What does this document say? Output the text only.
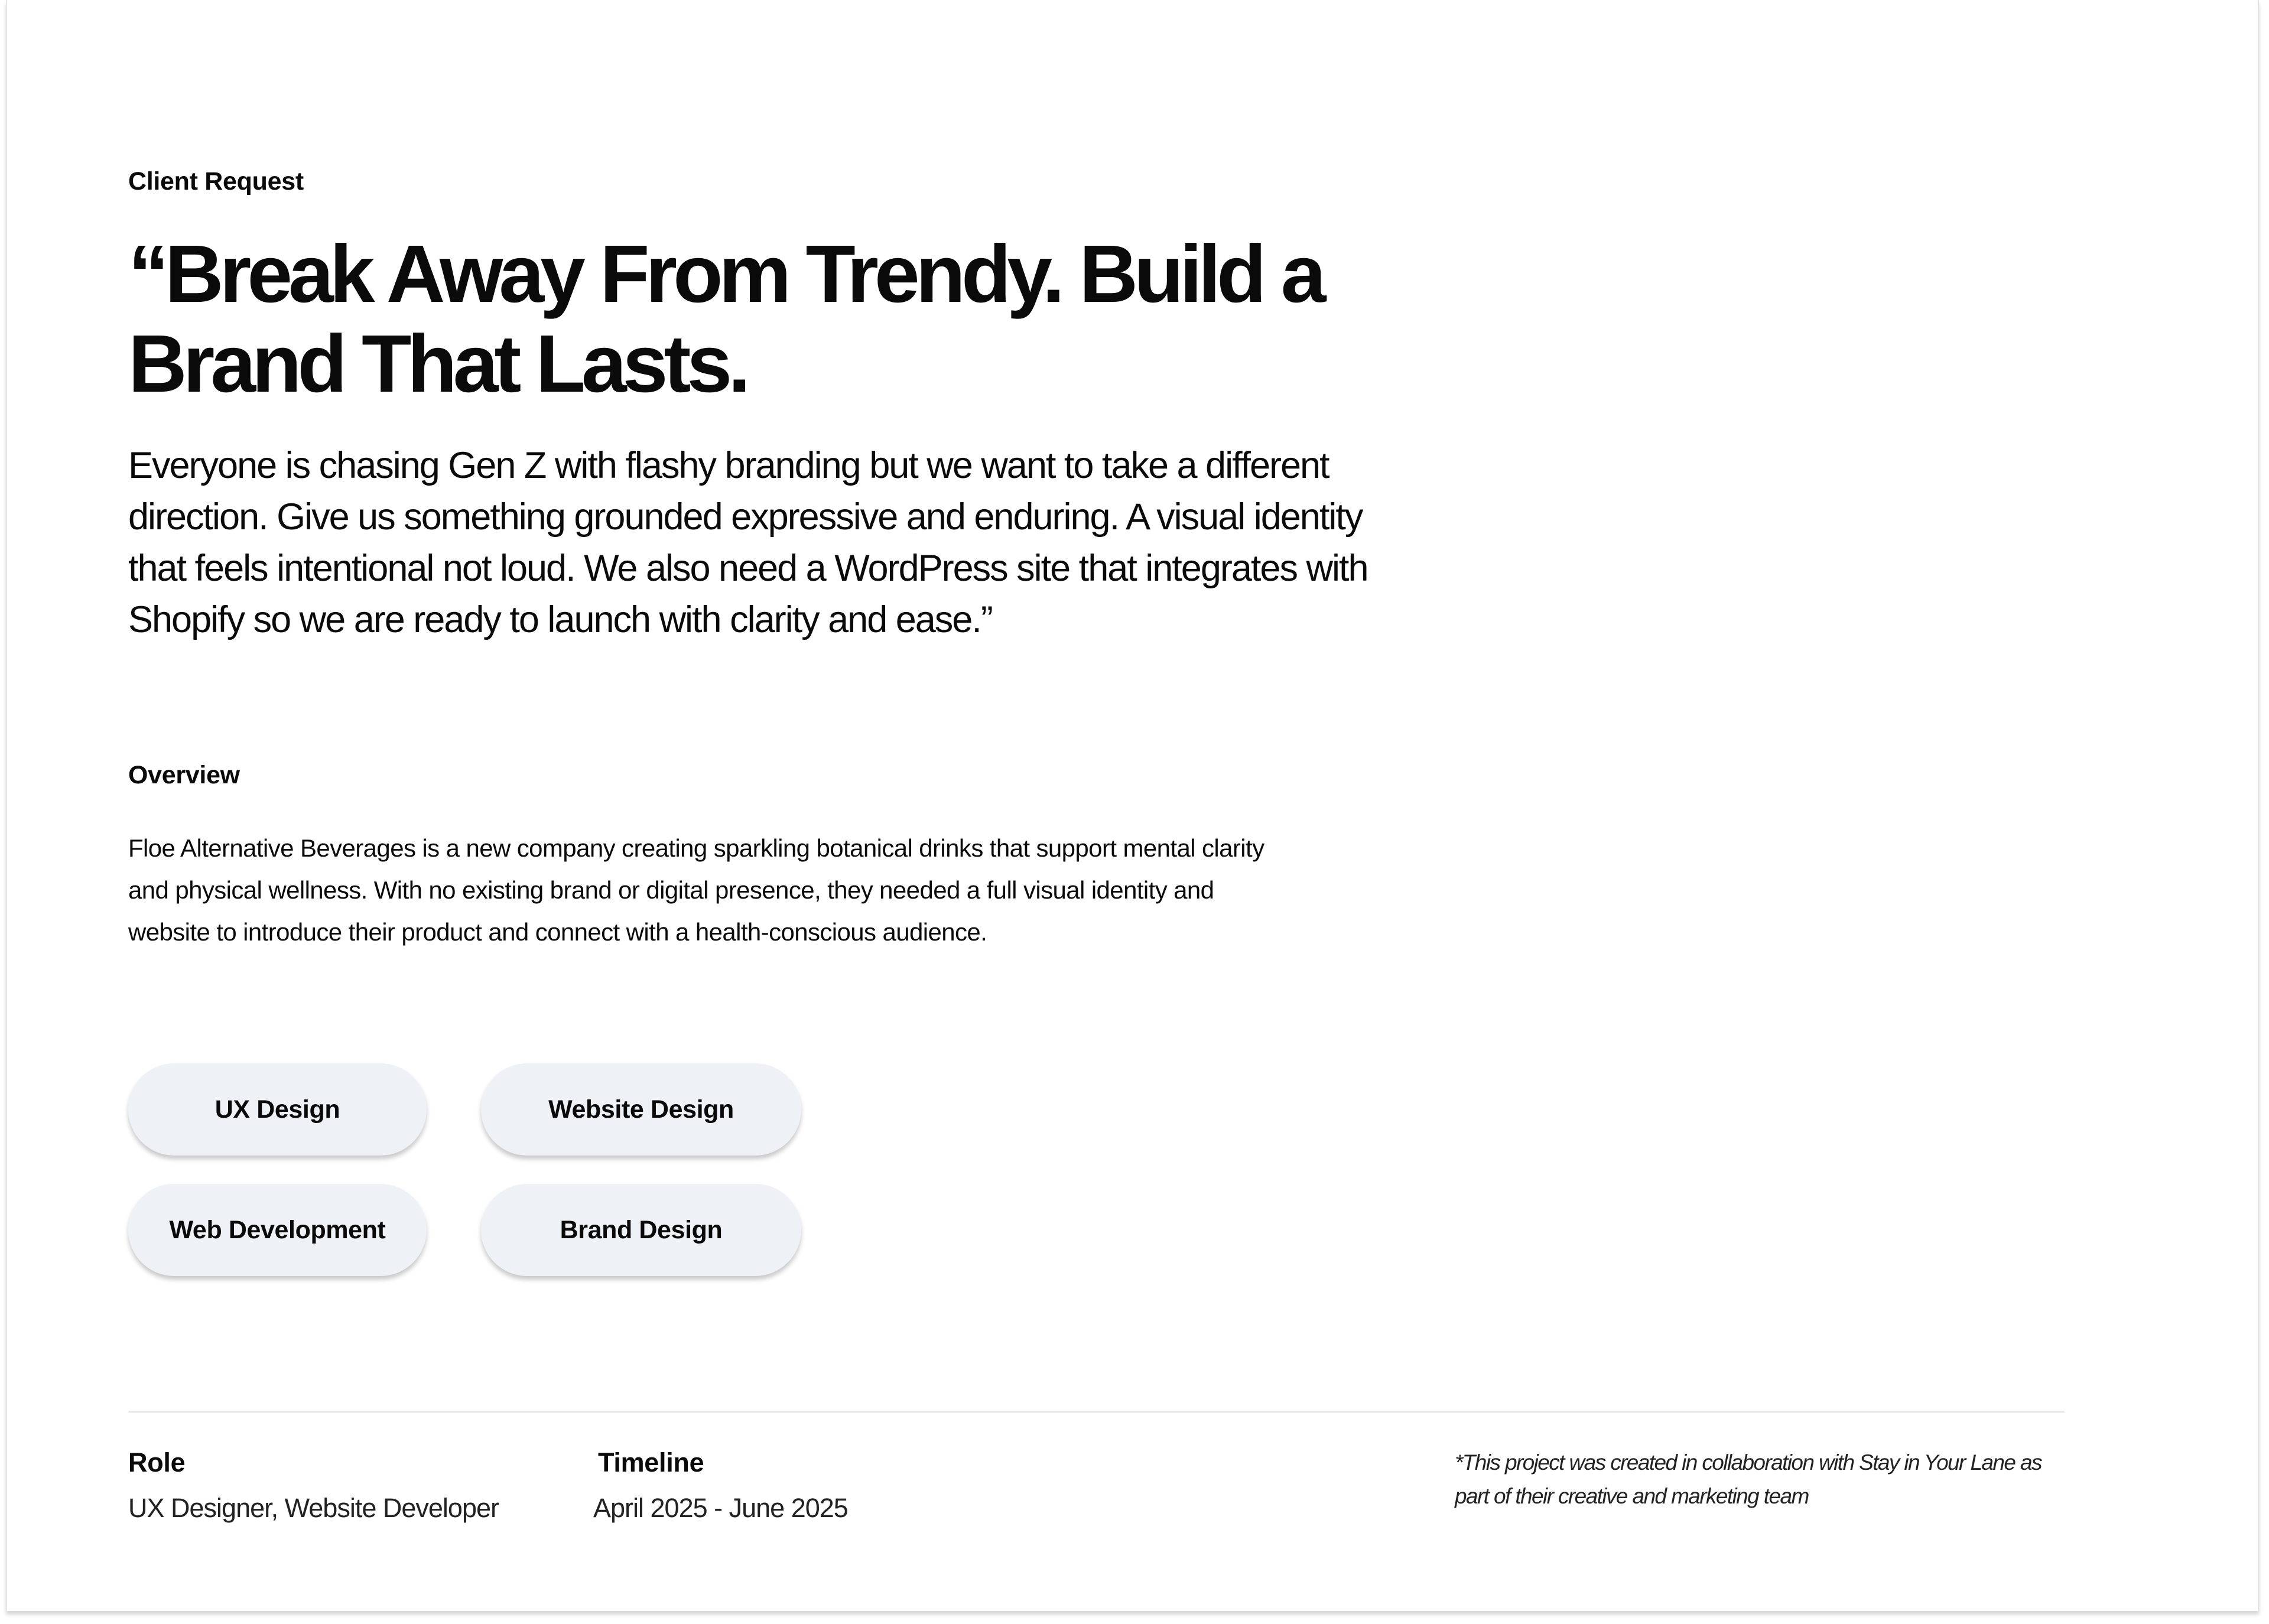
Client Request
“Break Away From Trendy. Build a Brand That Lasts.

Everyone is chasing Gen Z with flashy branding but we want to take a different direction. Give us something grounded expressive and enduring. A visual identity that feels intentional not loud. We also need a WordPress site that integrates with Shopify so we are ready to launch with clarity and ease.”

Overview

Floe Alternative Beverages is a new company creating sparkling botanical drinks that support mental clarity and physical wellness. With no existing brand or digital presence, they needed a full visual identity and website to introduce their product and connect with a health-conscious audience.

UX Design	Website Design
Web Development	Brand Design
Role
UX Designer, Website Developer
Timeline
April 2025 - June 2025

*This project was created in collaboration with Stay in Your Lane as part of their creative and marketing team
